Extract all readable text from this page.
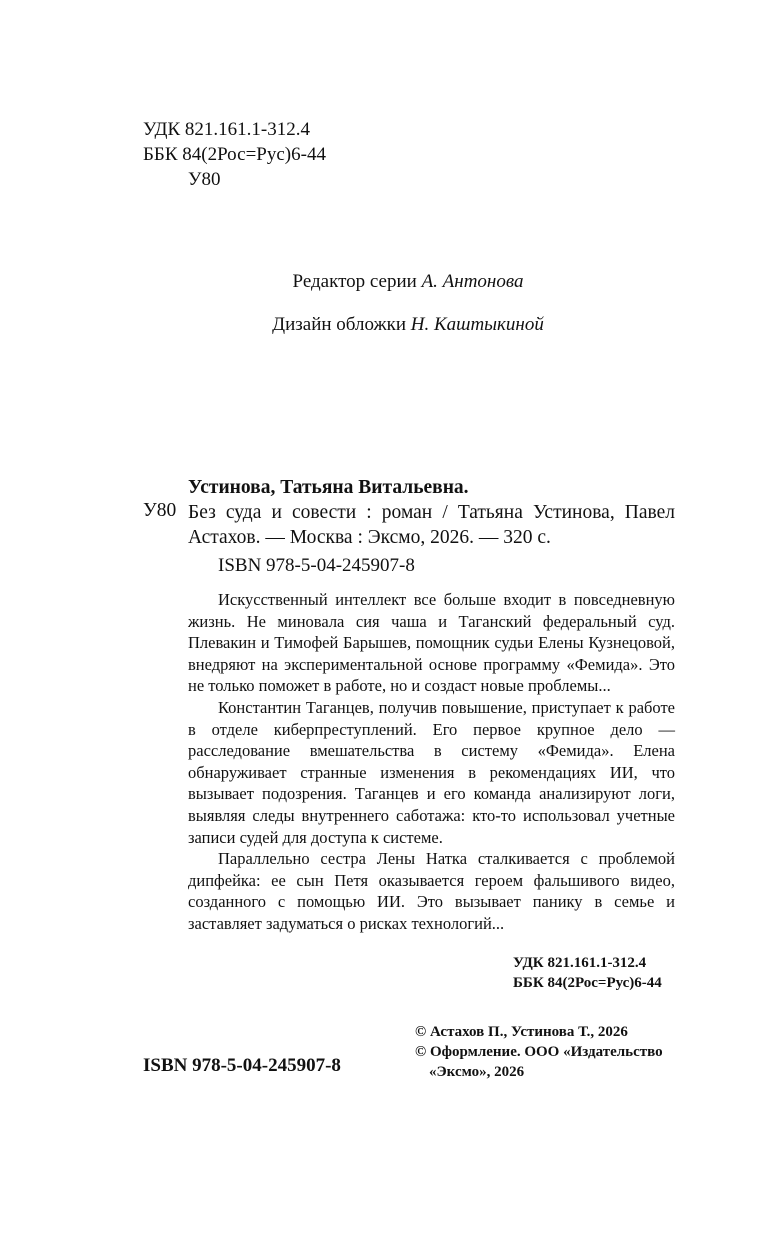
УДК 821.161.1-312.4
ББК 84(2Рос=Рус)6-44
У80
Редактор серии А. Антонова
Дизайн обложки Н. Каштыкиной
Устинова, Татьяна Витальевна.
У80 Без суда и совести : роман / Татьяна Устинова, Павел Астахов. — Москва : Эксмо, 2026. — 320 с.
ISBN 978-5-04-245907-8

Искусственный интеллект все больше входит в повседневную жизнь. Не миновала сия чаша и Таганский федеральный суд. Плевакин и Тимофей Барышев, помощник судьи Елены Кузнецовой, внедряют на экспериментальной основе программу «Фемида». Это не только поможет в работе, но и создаст новые проблемы...

Константин Таганцев, получив повышение, приступает к работе в отделе киберпреступлений. Его первое крупное дело — расследование вмешательства в систему «Фемида». Елена обнаруживает странные изменения в рекомендациях ИИ, что вызывает подозрения. Таганцев и его команда анализируют логи, выявляя следы внутреннего саботажа: кто-то использовал учетные записи судей для доступа к системе.

Параллельно сестра Лены Натка сталкивается с проблемой дипфейка: ее сын Петя оказывается героем фальшивого видео, созданного с помощью ИИ. Это вызывает панику в семье и заставляет задуматься о рисках технологий...

УДК 821.161.1-312.4
ББК 84(2Рос=Рус)6-44
© Астахов П., Устинова Т., 2026
© Оформление. ООО «Издательство
«Эксмо», 2026
ISBN 978-5-04-245907-8
